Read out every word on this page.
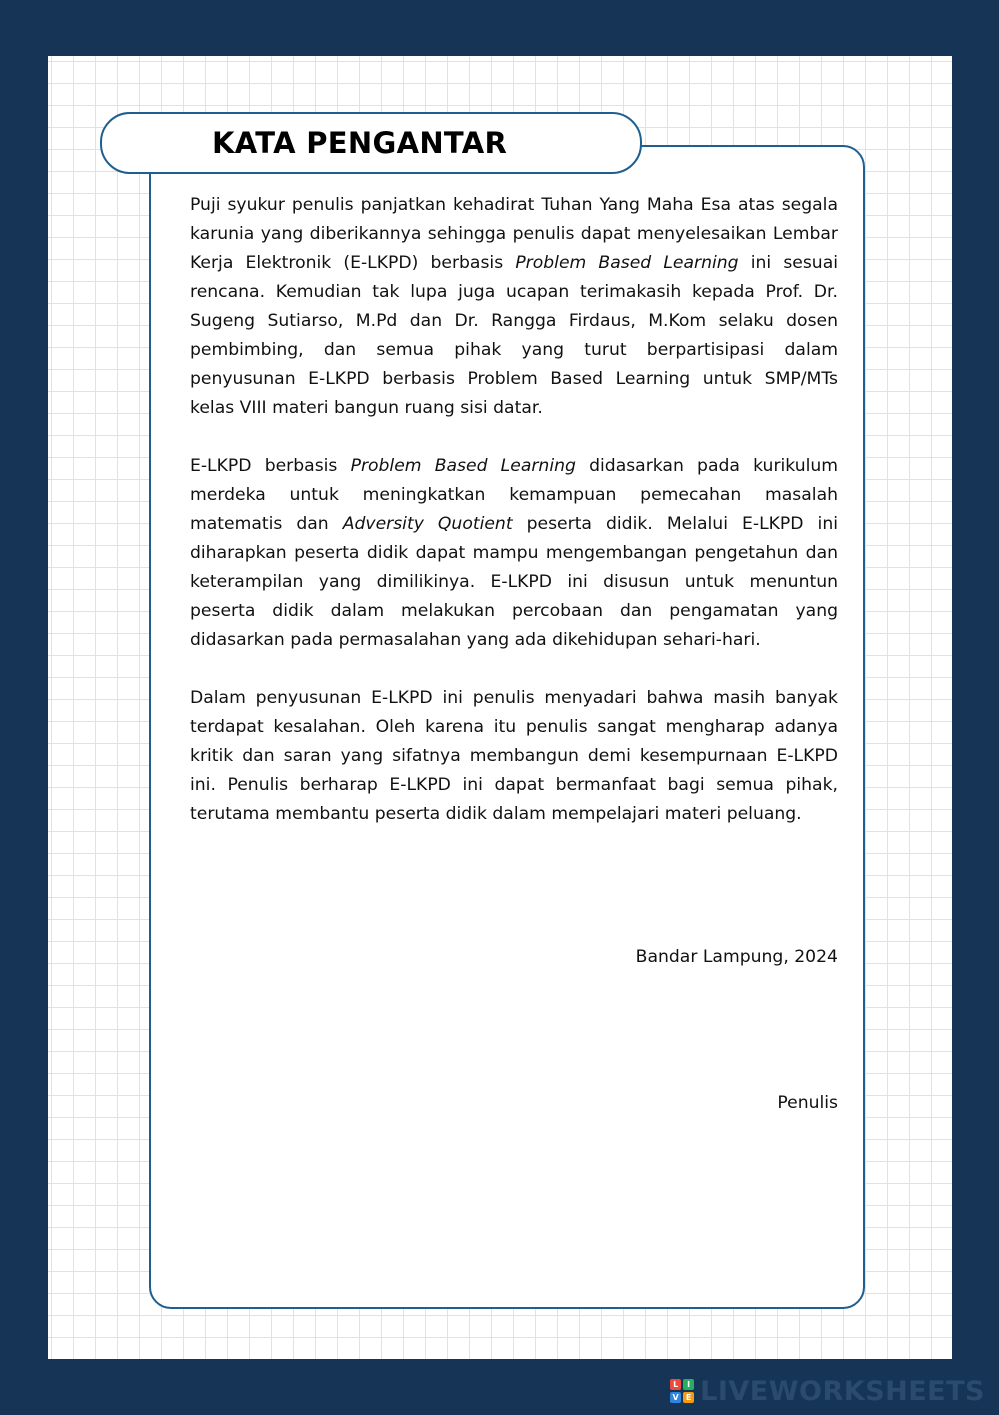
KATA PENGANTAR

Puji syukur penulis panjatkan kehadirat Tuhan Yang Maha Esa atas segala karunia yang diberikannya sehingga penulis dapat menyelesaikan Lembar Kerja Elektronik (E-LKPD) berbasis Problem Based Learning ini sesuai rencana. Kemudian tak lupa juga ucapan terimakasih kepada Prof. Dr. Sugeng Sutiarso, M.Pd dan Dr. Rangga Firdaus, M.Kom selaku dosen pembimbing, dan semua pihak yang turut berpartisipasi dalam penyusunan E-LKPD berbasis Problem Based Learning untuk SMP/MTs kelas VIII materi bangun ruang sisi datar.

E-LKPD berbasis Problem Based Learning didasarkan pada kurikulum merdeka untuk meningkatkan kemampuan pemecahan masalah matematis dan Adversity Quotient peserta didik. Melalui E-LKPD ini diharapkan peserta didik dapat mampu mengembangan pengetahun dan keterampilan yang dimilikinya. E-LKPD ini disusun untuk menuntun peserta didik dalam melakukan percobaan dan pengamatan yang didasarkan pada permasalahan yang ada dikehidupan sehari-hari.

Dalam penyusunan E-LKPD ini penulis menyadari bahwa masih banyak terdapat kesalahan. Oleh karena itu penulis sangat mengharap adanya kritik dan saran yang sifatnya membangun demi kesempurnaan E-LKPD ini. Penulis berharap E-LKPD ini dapat bermanfaat bagi semua pihak, terutama membantu peserta didik dalam mempelajari materi peluang.

Bandar Lampung, 2024
Penulis
L	I
V E LIVEWORKSHEETS
